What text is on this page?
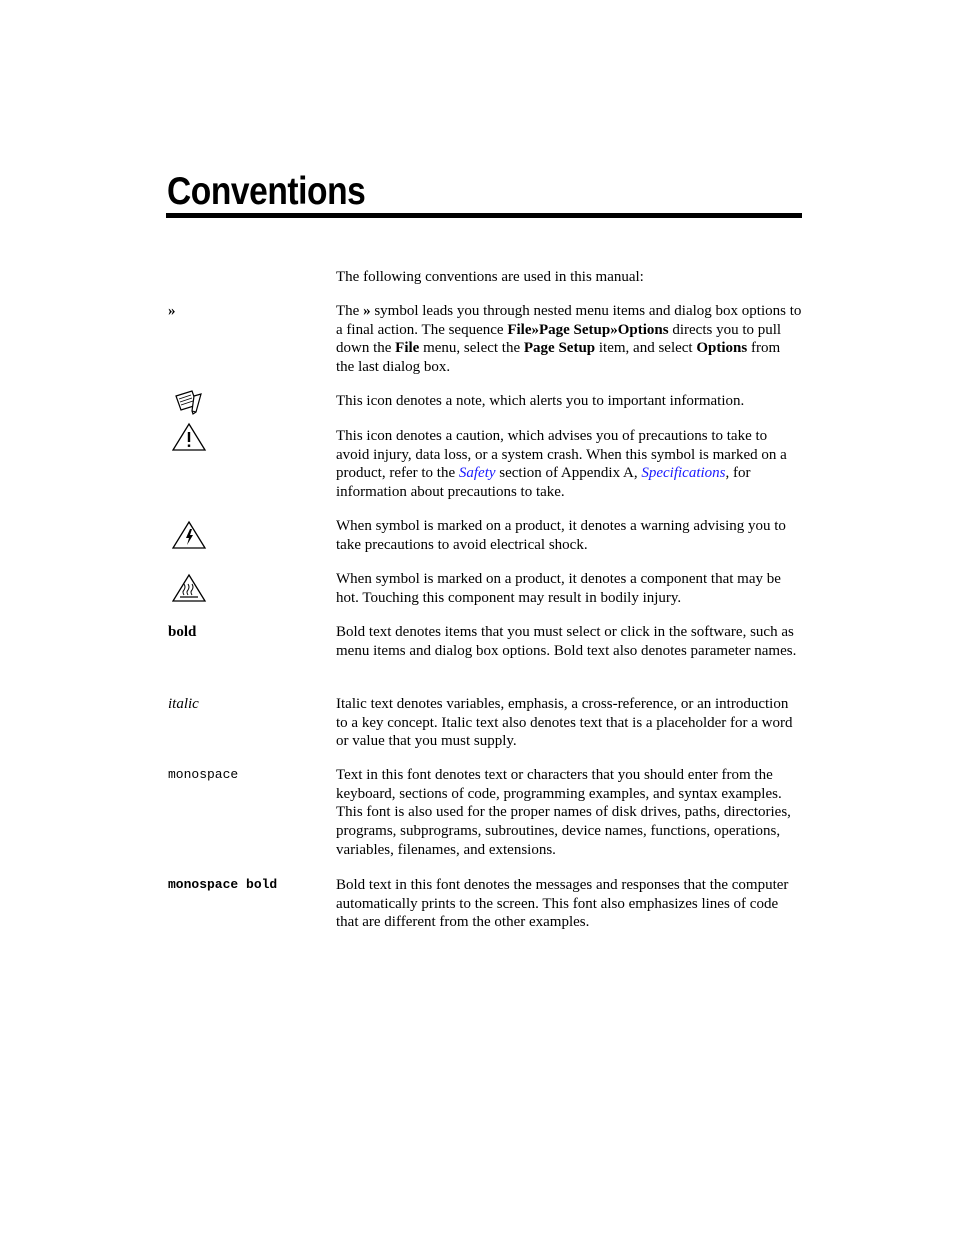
Conventions

The following conventions are used in this manual:

»	The » symbol leads you through nested menu items and dialog box options to a final action. The sequence File»Page Setup»Options directs you to pull down the File menu, select the Page Setup item, and select Options from the last dialog box.

This icon denotes a note, which alerts you to important information.

This icon denotes a caution, which advises you of precautions to take to avoid injury, data loss, or a system crash. When this symbol is marked on a product, refer to the Safety section of Appendix A, Specifications, for information about precautions to take.

When symbol is marked on a product, it denotes a warning advising you to take precautions to avoid electrical shock.

When symbol is marked on a product, it denotes a component that may be hot. Touching this component may result in bodily injury.

bold	Bold text denotes items that you must select or click in the software, such as menu items and dialog box options. Bold text also denotes parameter names.

italic	Italic text denotes variables, emphasis, a cross-reference, or an introduction to a key concept. Italic text also denotes text that is a placeholder for a word or value that you must supply.

monospace	Text in this font denotes text or characters that you should enter from the keyboard, sections of code, programming examples, and syntax examples. This font is also used for the proper names of disk drives, paths, directories, programs, subprograms, subroutines, device names, functions, operations, variables, filenames, and extensions.

monospace bold	Bold text in this font denotes the messages and responses that the computer automatically prints to the screen. This font also emphasizes lines of code that are different from the other examples.
